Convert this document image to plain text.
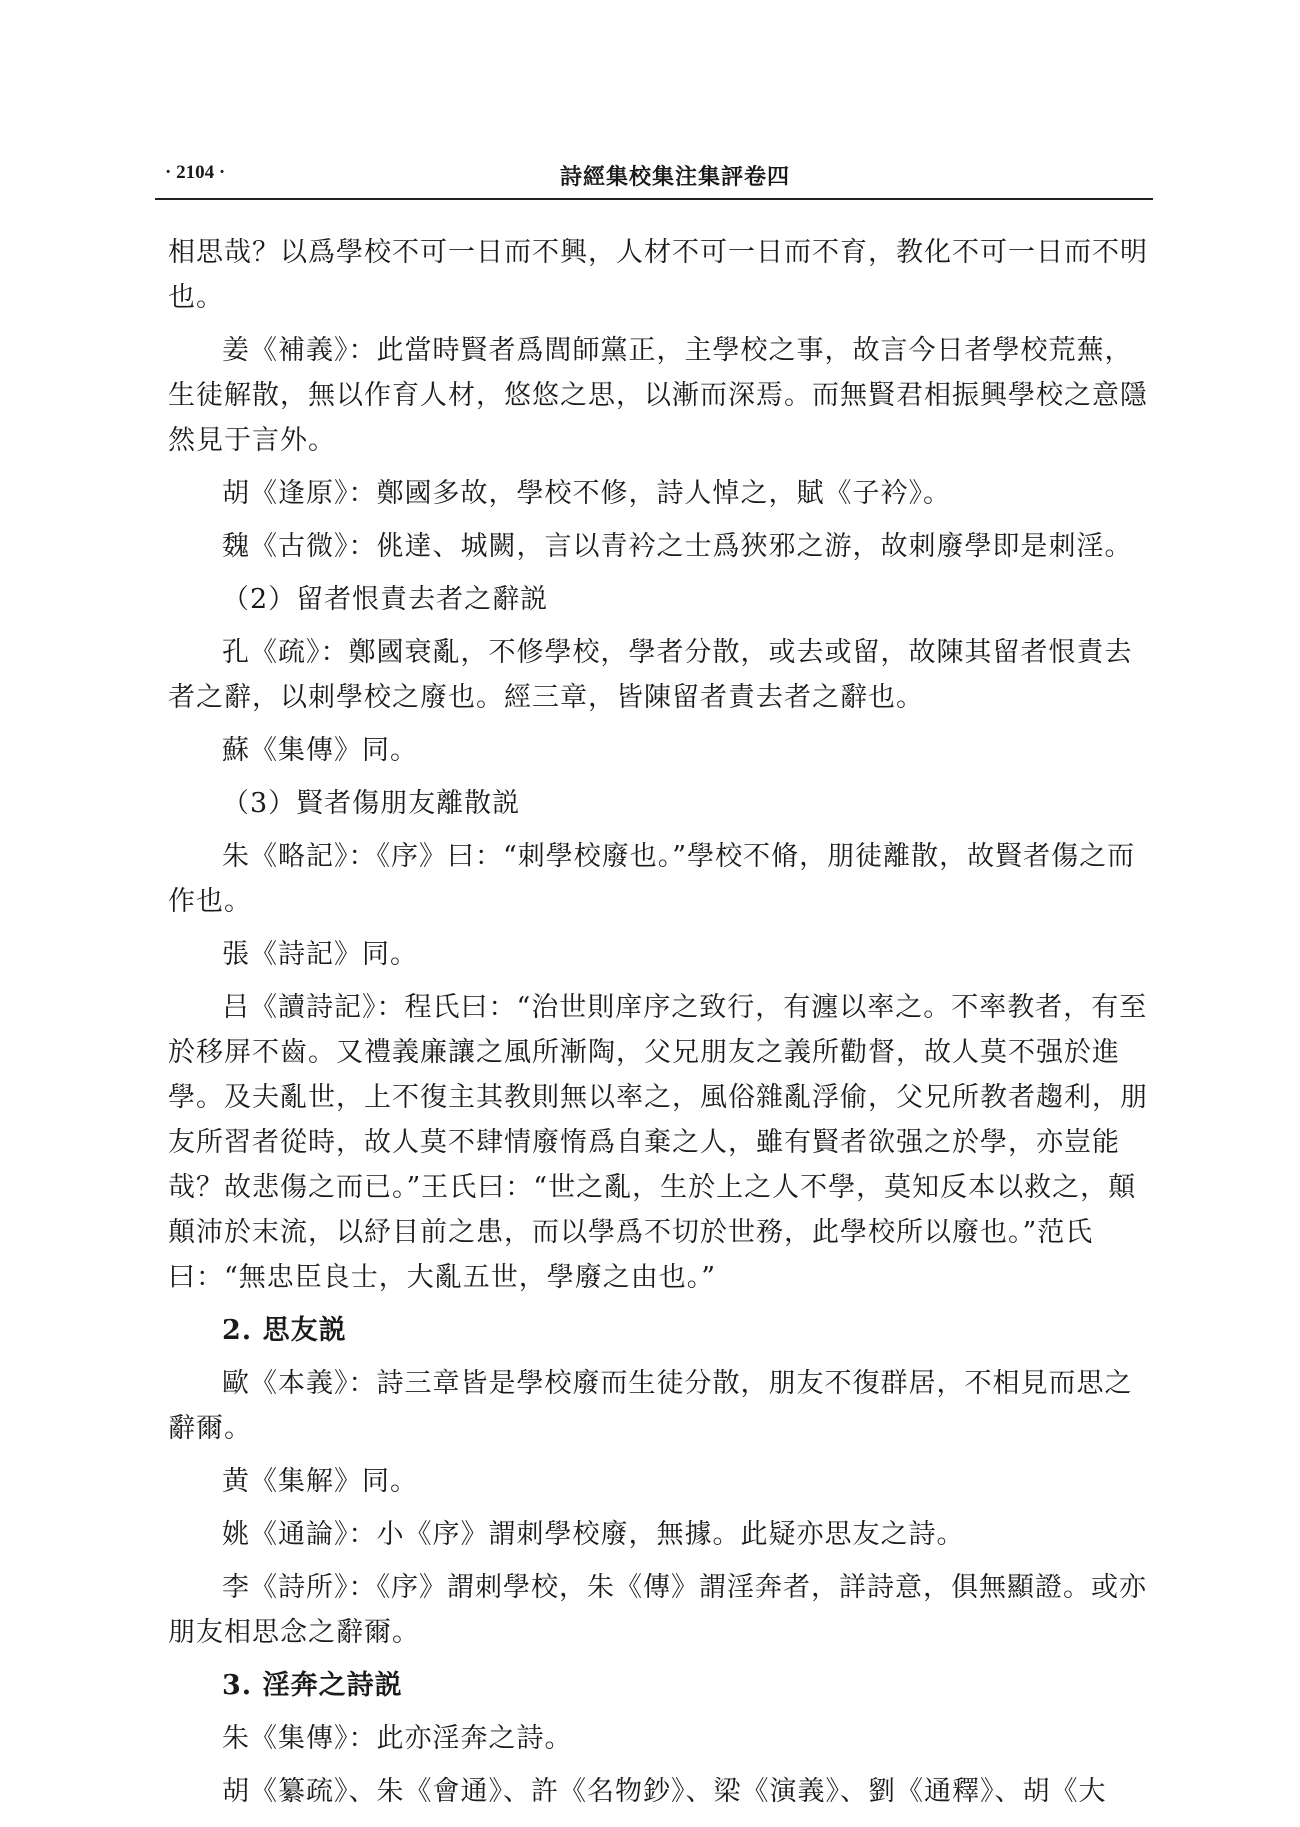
· 2104 ·	詩經集校集注集評卷四

相思哉？以爲學校不可一日而不興，人材不可一日而不育，教化不可一日而不明也。

姜《補義》：此當時賢者爲閭師黨正，主學校之事，故言今日者學校荒蕪，生徒解散，無以作育人材，悠悠之思，以漸而深焉。而無賢君相振興學校之意隱然見于言外。

胡《逢原》：鄭國多故，學校不修，詩人悼之，賦《子衿》。

魏《古微》：佻達、城闕，言以青衿之士爲狹邪之游，故刺廢學即是刺淫。

（2）留者恨責去者之辭説

孔《疏》：鄭國衰亂，不修學校，學者分散，或去或留，故陳其留者恨責去者之辭，以刺學校之廢也。經三章，皆陳留者責去者之辭也。

蘇《集傳》同。

（3）賢者傷朋友離散説

朱《略記》：《序》曰：“刺學校廢也。”學校不脩，朋徒離散，故賢者傷之而作也。

張《詩記》同。

吕《讀詩記》：程氏曰：“治世則庠序之致行，有瀍以率之。不率教者，有至於移屏不齒。又禮義廉讓之風所漸陶，父兄朋友之義所勸督，故人莫不强於進學。及夫亂世，上不復主其教則無以率之，風俗雜亂浮偷，父兄所教者趨利，朋友所習者從時，故人莫不肆情廢惰爲自棄之人，雖有賢者欲强之於學，亦豈能哉？故悲傷之而已。”王氏曰：“世之亂，生於上之人不學，莫知反本以救之，顛顛沛於末流，以紓目前之患，而以學爲不切於世務，此學校所以廢也。”范氏曰：“無忠臣良士，大亂五世，學廢之由也。”

2. 思友説

歐《本義》：詩三章皆是學校廢而生徒分散，朋友不復群居，不相見而思之辭爾。

黄《集解》同。

姚《通論》：小《序》謂刺學校廢，無據。此疑亦思友之詩。

李《詩所》：《序》謂刺學校，朱《傳》謂淫奔者，詳詩意，俱無顯證。或亦朋友相思念之辭爾。

3. 淫奔之詩説

朱《集傳》：此亦淫奔之詩。

胡《纂疏》、朱《會通》、許《名物鈔》、梁《演義》、劉《通釋》、胡《大
